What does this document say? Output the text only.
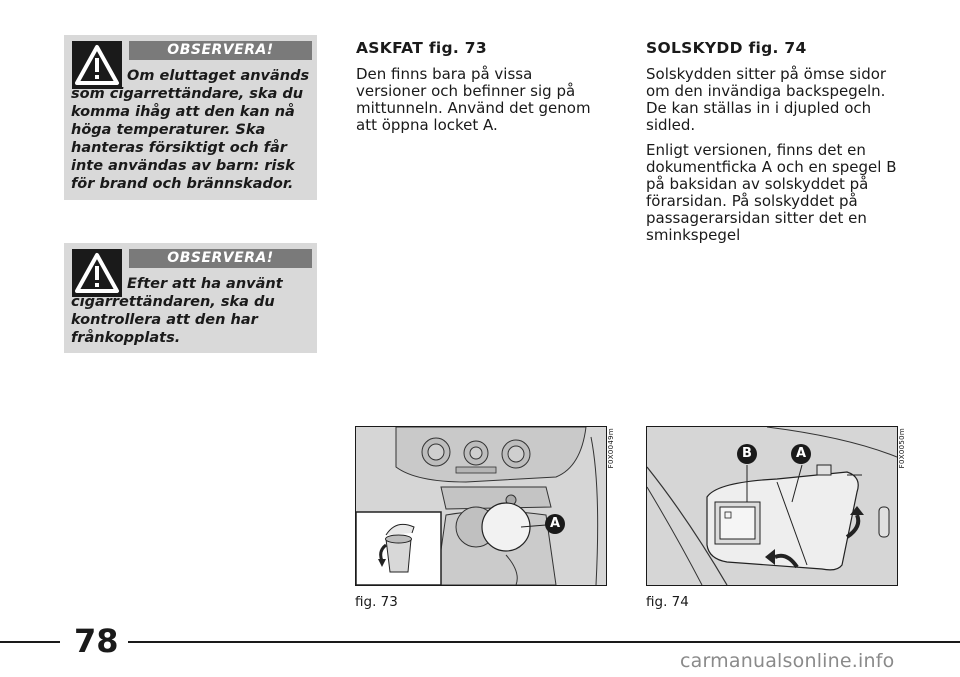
OBSERVERA!
Om eluttaget används som cigarrettändare, ska du komma ihåg att den kan nå höga temperaturer. Ska hanteras försiktigt och får inte användas av barn: risk för brand och brännskador.
OBSERVERA!
Efter att ha använt cigarrettändaren, ska du kontrollera att den har frånkopplats.
ASKFAT fig. 73

Den finns bara på vissa versioner och befinner sig på mittunneln. Använd det genom att öppna locket A.

SOLSKYDD fig. 74

Solskydden sitter på ömse sidor om den invändiga backspegeln. De kan ställas in i djupled och sidled.

Enligt versionen, finns det en dokumentficka A och en spegel B på baksidan av solskyddet på förarsidan. På solskyddet på passagerarsidan sitter det en sminkspegel

A
F0X0049m
fig. 73
B	A	F0X0050m
fig. 74
78
carmanualsonline.info
